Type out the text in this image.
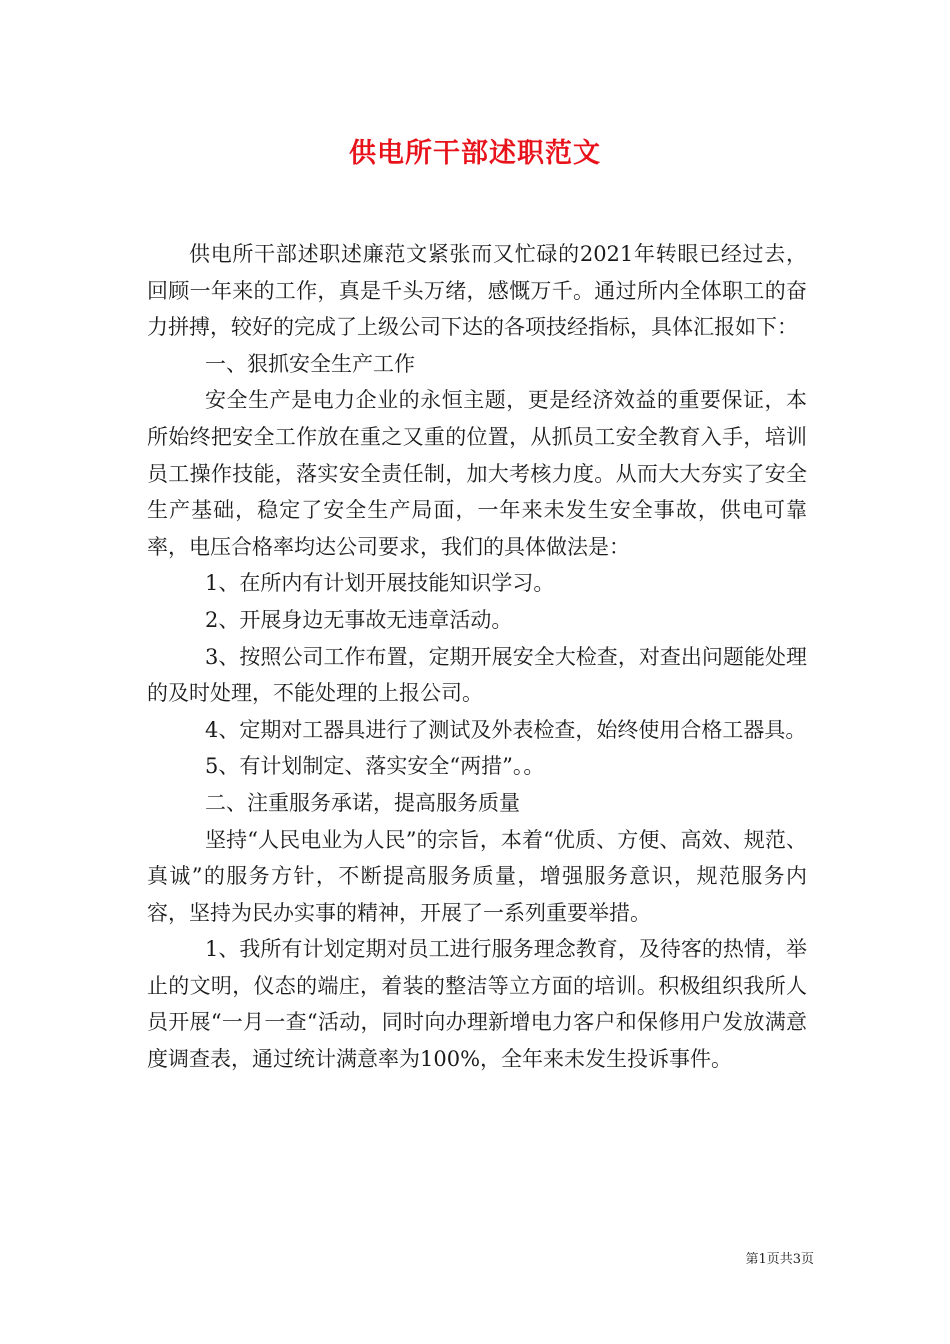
供电所干部述职范文

供电所干部述职述廉范文紧张而又忙碌的2021年转眼已经过去，回顾一年来的工作，真是千头万绪，感慨万千。通过所内全体职工的奋力拼搏，较好的完成了上级公司下达的各项技经指标，具体汇报如下：

一、狠抓安全生产工作

安全生产是电力企业的永恒主题，更是经济效益的重要保证，本所始终把安全工作放在重之又重的位置，从抓员工安全教育入手，培训员工操作技能，落实安全责任制，加大考核力度。从而大大夯实了安全生产基础，稳定了安全生产局面，一年来未发生安全事故，供电可靠率，电压合格率均达公司要求，我们的具体做法是：

1、在所内有计划开展技能知识学习。

2、开展身边无事故无违章活动。

3、按照公司工作布置，定期开展安全大检查，对查出问题能处理的及时处理，不能处理的上报公司。

4、定期对工器具进行了测试及外表检查，始终使用合格工器具。

5、有计划制定、落实安全“两措”。。

二、注重服务承诺，提高服务质量

坚持“人民电业为人民”的宗旨，本着“优质、方便、高效、规范、真诚”的服务方针，不断提高服务质量，增强服务意识，规范服务内容，坚持为民办实事的精神，开展了一系列重要举措。

1、我所有计划定期对员工进行服务理念教育，及待客的热情，举止的文明，仪态的端庄，着装的整洁等立方面的培训。积极组织我所人员开展“一月一查“活动，同时向办理新增电力客户和保修用户发放满意度调查表，通过统计满意率为100%，全年来未发生投诉事件。

第1页共3页
